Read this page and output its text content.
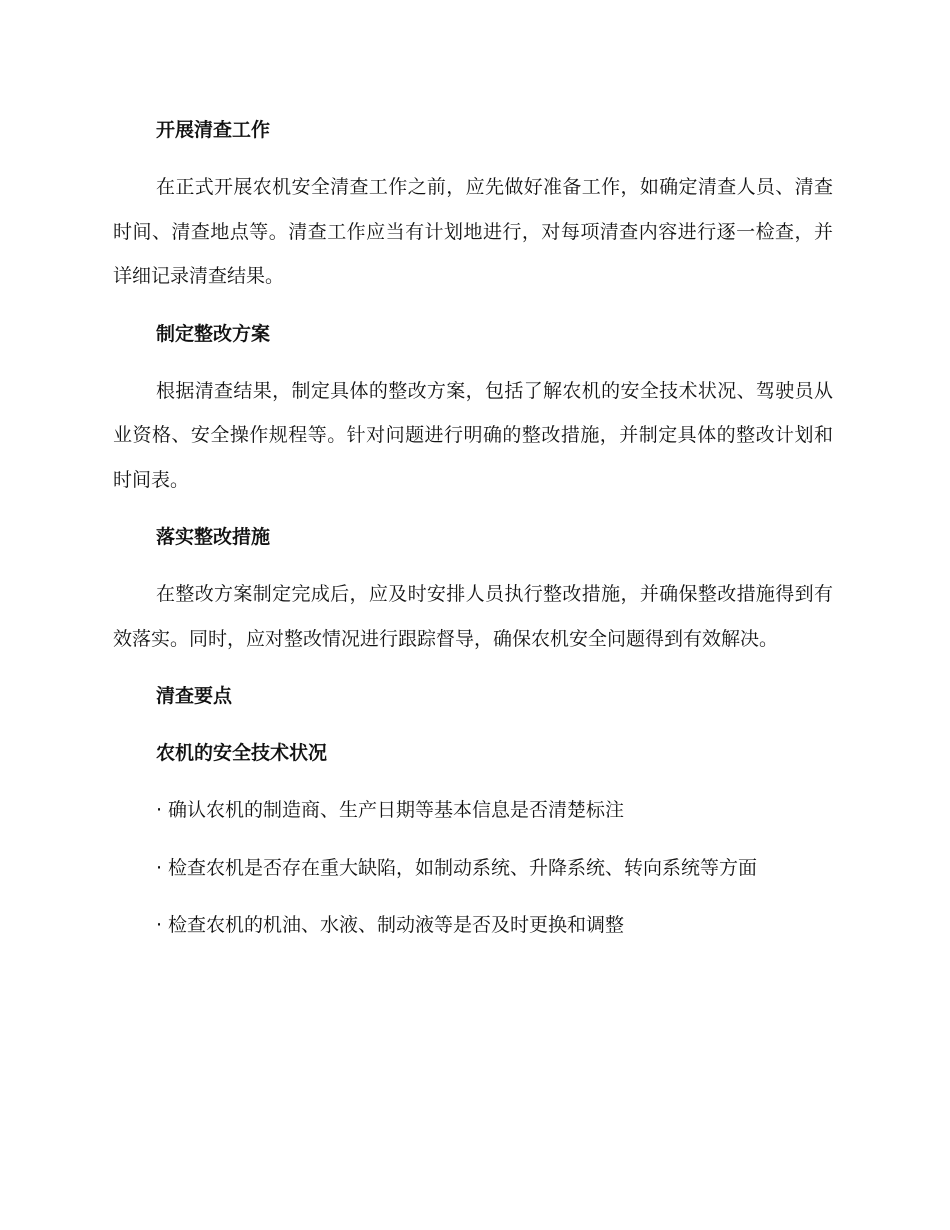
开展清查工作
在正式开展农机安全清查工作之前，应先做好准备工作，如确定清查人员、清查时间、清查地点等。清查工作应当有计划地进行，对每项清查内容进行逐一检查，并详细记录清查结果。
制定整改方案
根据清查结果，制定具体的整改方案，包括了解农机的安全技术状况、驾驶员从业资格、安全操作规程等。针对问题进行明确的整改措施，并制定具体的整改计划和时间表。
落实整改措施
在整改方案制定完成后，应及时安排人员执行整改措施，并确保整改措施得到有效落实。同时，应对整改情况进行跟踪督导，确保农机安全问题得到有效解决。
清查要点
农机的安全技术状况
· 确认农机的制造商、生产日期等基本信息是否清楚标注
· 检查农机是否存在重大缺陷，如制动系统、升降系统、转向系统等方面
· 检查农机的机油、水液、制动液等是否及时更换和调整
